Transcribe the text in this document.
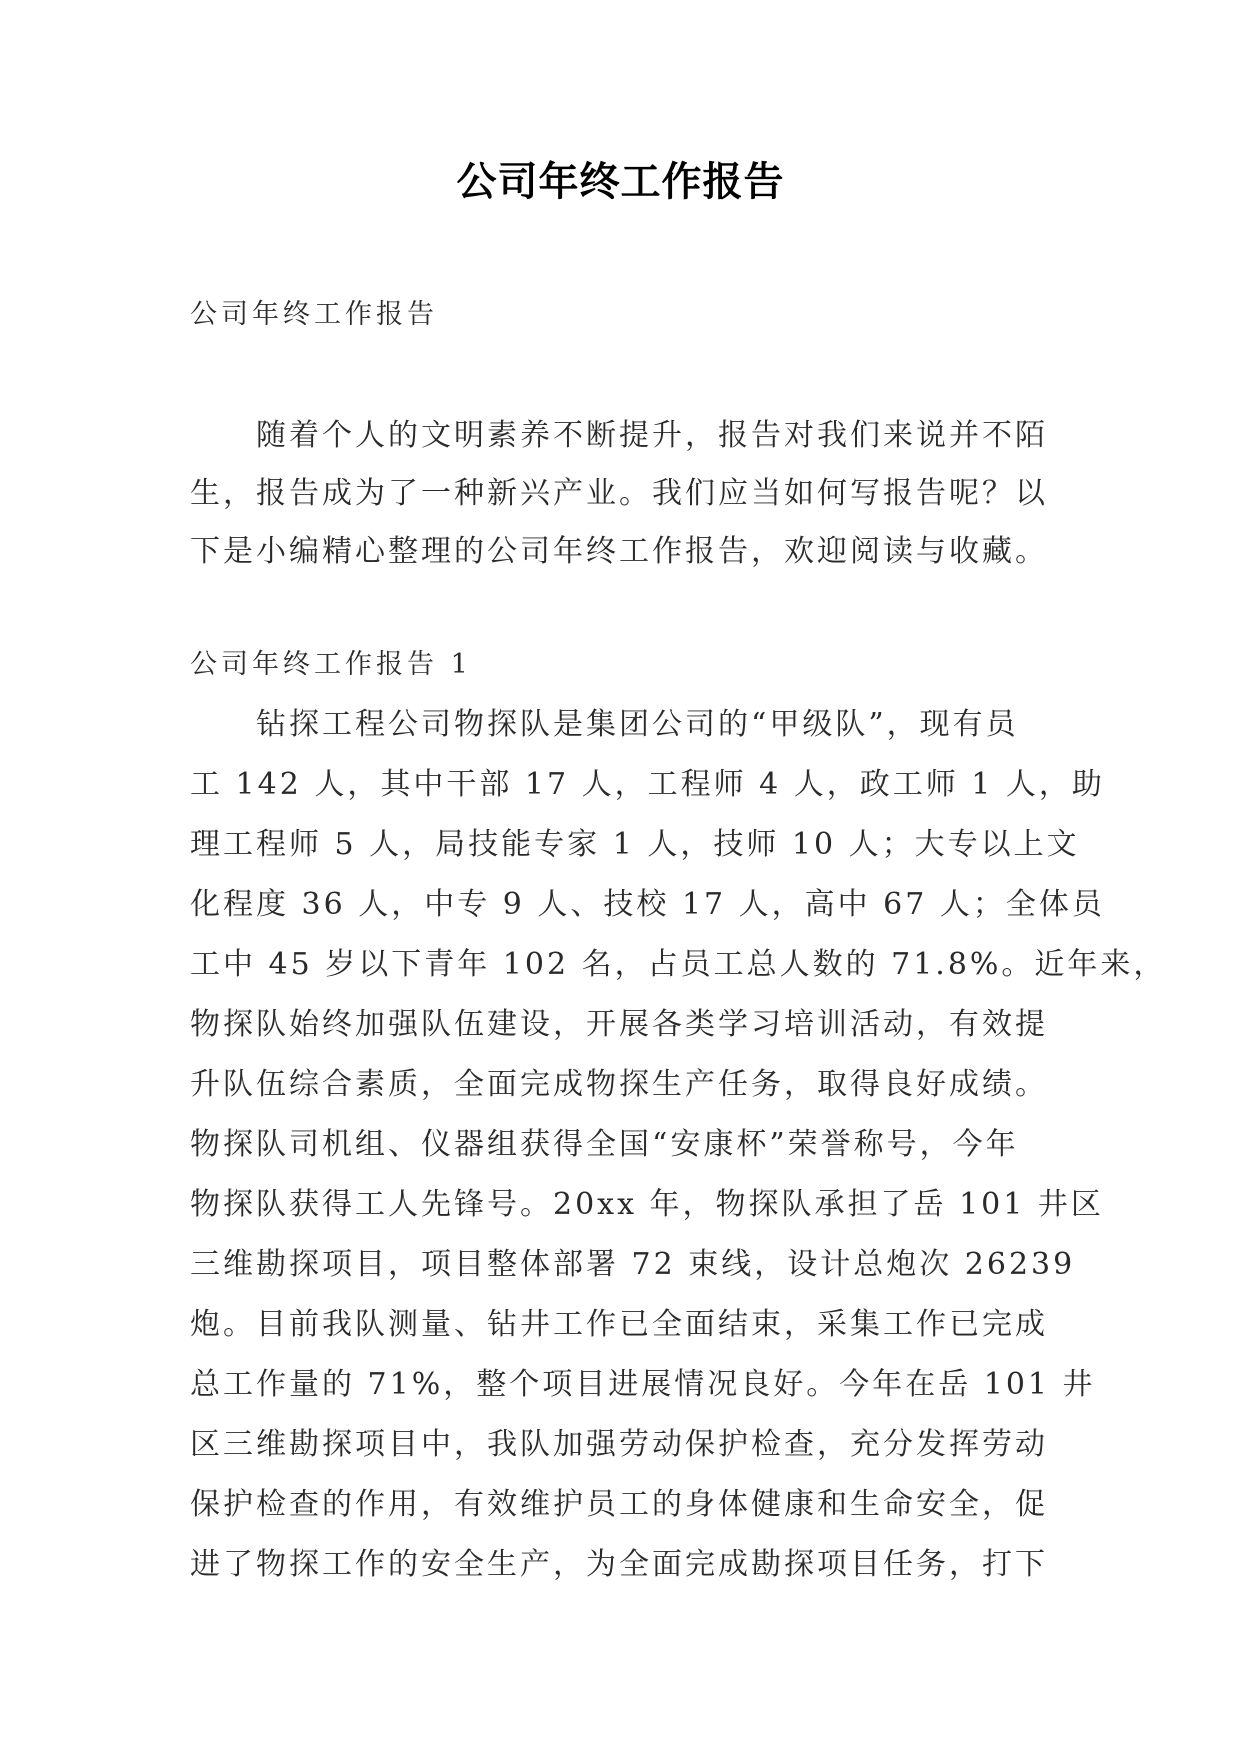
公司年终工作报告
公司年终工作报告
　　随着个人的文明素养不断提升，报告对我们来说并不陌
生，报告成为了一种新兴产业。我们应当如何写报告呢？以
下是小编精心整理的公司年终工作报告，欢迎阅读与收藏。
公司年终工作报告 1
　　钻探工程公司物探队是集团公司的“甲级队”，现有员
工 142 人，其中干部 17 人，工程师 4 人，政工师 1 人，助
理工程师 5 人，局技能专家 1 人，技师 10 人；大专以上文
化程度 36 人，中专 9 人、技校 17 人，高中 67 人；全体员
工中 45 岁以下青年 102 名，占员工总人数的 71.8%。近年来，
物探队始终加强队伍建设，开展各类学习培训活动，有效提
升队伍综合素质，全面完成物探生产任务，取得良好成绩。
物探队司机组、仪器组获得全国“安康杯”荣誉称号，今年
物探队获得工人先锋号。20xx 年，物探队承担了岳 101 井区
三维勘探项目，项目整体部署 72 束线，设计总炮次 26239
炮。目前我队测量、钻井工作已全面结束，采集工作已完成
总工作量的 71%，整个项目进展情况良好。今年在岳 101 井
区三维勘探项目中，我队加强劳动保护检查，充分发挥劳动
保护检查的作用，有效维护员工的身体健康和生命安全，促
进了物探工作的安全生产，为全面完成勘探项目任务，打下
